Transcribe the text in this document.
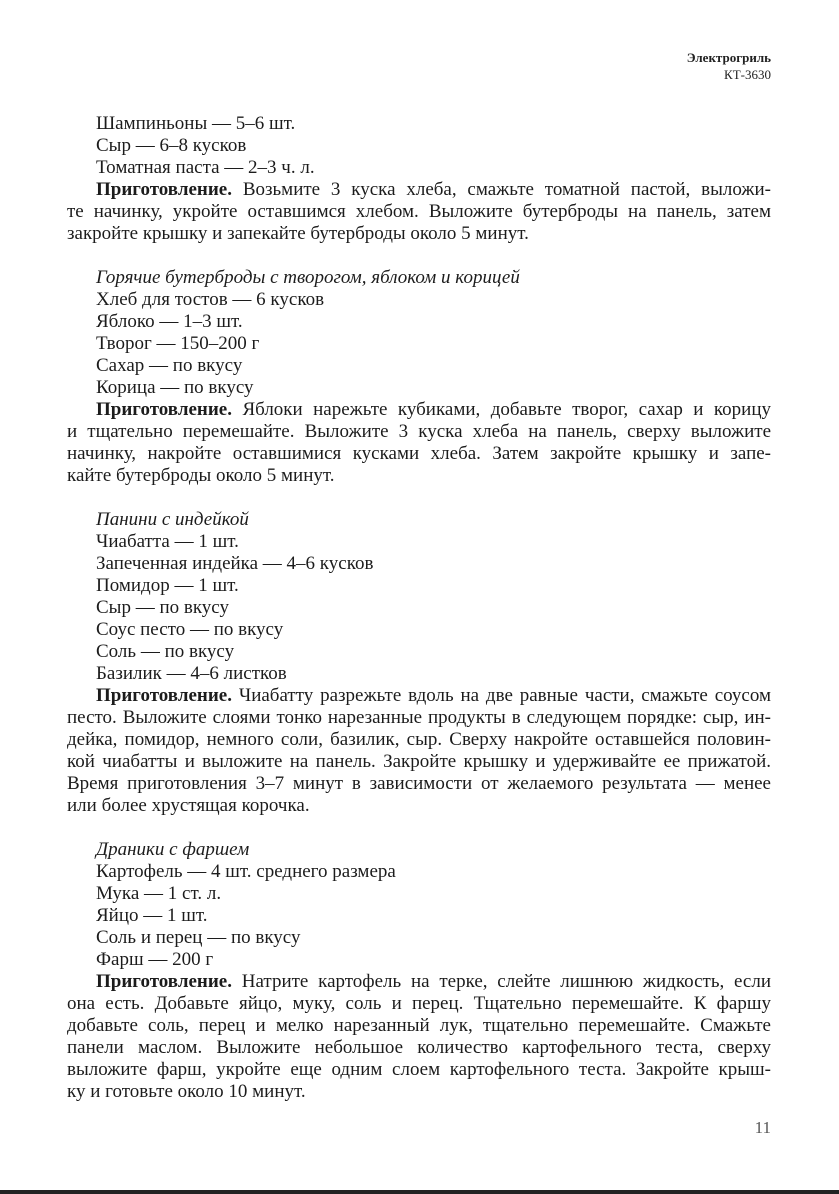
Электрогриль
КТ-3630
Шампиньоны — 5–6 шт.
Сыр — 6–8 кусков
Томатная паста — 2–3 ч. л.
Приготовление. Возьмите 3 куска хлеба, смажьте томатной пастой, выложи-
те начинку, укройте оставшимся хлебом. Выложите бутерброды на панель, затем
закройте крышку и запекайте бутерброды около 5 минут.
Горячие бутерброды с творогом, яблоком и корицей
Хлеб для тостов — 6 кусков
Яблоко — 1–3 шт.
Творог — 150–200 г
Сахар — по вкусу
Корица — по вкусу
Приготовление. Яблоки нарежьте кубиками, добавьте творог, сахар и корицу
и тщательно перемешайте. Выложите 3 куска хлеба на панель, сверху выложите
начинку, накройте оставшимися кусками хлеба. Затем закройте крышку и запе-
кайте бутерброды около 5 минут.
Панини с индейкой
Чиабатта — 1 шт.
Запеченная индейка — 4–6 кусков
Помидор — 1 шт.
Сыр — по вкусу
Соус песто — по вкусу
Соль — по вкусу
Базилик — 4–6 листков
Приготовление. Чиабатту разрежьте вдоль на две равные части, смажьте соусом
песто. Выложите слоями тонко нарезанные продукты в следующем порядке: сыр, ин-
дейка, помидор, немного соли, базилик, сыр. Сверху накройте оставшейся половин-
кой чиабатты и выложите на панель. Закройте крышку и удерживайте ее прижатой.
Время приготовления 3–7 минут в зависимости от желаемого результата — менее
или более хрустящая корочка.
Драники с фаршем
Картофель — 4 шт. среднего размера
Мука — 1 ст. л.
Яйцо — 1 шт.
Соль и перец — по вкусу
Фарш — 200 г
Приготовление. Натрите картофель на терке, слейте лишнюю жидкость, если
она есть. Добавьте яйцо, муку, соль и перец. Тщательно перемешайте. К фаршу
добавьте соль, перец и мелко нарезанный лук, тщательно перемешайте. Смажьте
панели маслом. Выложите небольшое количество картофельного теста, сверху
выложите фарш, укройте еще одним слоем картофельного теста. Закройте крыш-
ку и готовьте около 10 минут.
11
